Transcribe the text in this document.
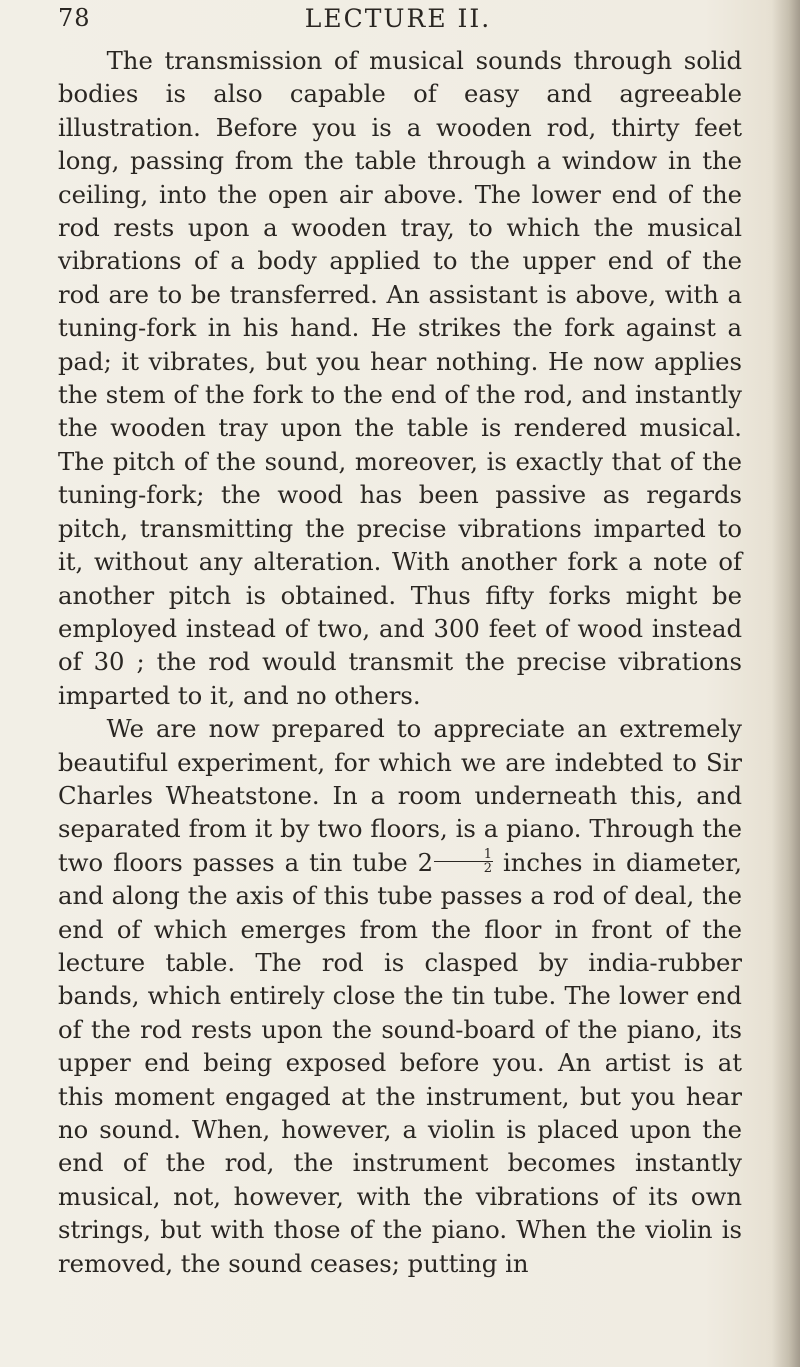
78	LECTURE II.

The transmission of musical sounds through solid bodies is also capable of easy and agreeable illustration. Before you is a wooden rod, thirty feet long, passing from the table through a window in the ceiling, into the open air above. The lower end of the rod rests upon a wooden tray, to which the musical vibrations of a body applied to the upper end of the rod are to be transferred. An assistant is above, with a tuning-fork in his hand. He strikes the fork against a pad; it vibrates, but you hear nothing. He now applies the stem of the fork to the end of the rod, and instantly the wooden tray upon the table is rendered musical. The pitch of the sound, moreover, is exactly that of the tuning-fork; the wood has been passive as regards pitch, transmitting the precise vibrations imparted to it, without any alteration. With another fork a note of another pitch is obtained. Thus fifty forks might be employed instead of two, and 300 feet of wood instead of 30 ; the rod would transmit the precise vibrations imparted to it, and no others.

We are now prepared to appreciate an extremely beautiful experiment, for which we are indebted to Sir Charles Wheatstone. In a room underneath this, and separated from it by two floors, is a piano. Through the two floors passes a tin tube $2 \frac{1}{2}$ inches in diameter, and along the axis of this tube passes a rod of deal, the end of which emerges from the floor in front of the lecture table. The rod is clasped by india-rubber bands, which entirely close the tin tube. The lower end of the rod rests upon the sound-board of the piano, its upper end being exposed before you. An artist is at this moment engaged at the instrument, but you hear no sound. When, however, a violin is placed upon the end of the rod, the instrument becomes instantly musical, not, however, with the vibrations of its own strings, but with those of the piano. When the violin is removed, the sound ceases; putting in
